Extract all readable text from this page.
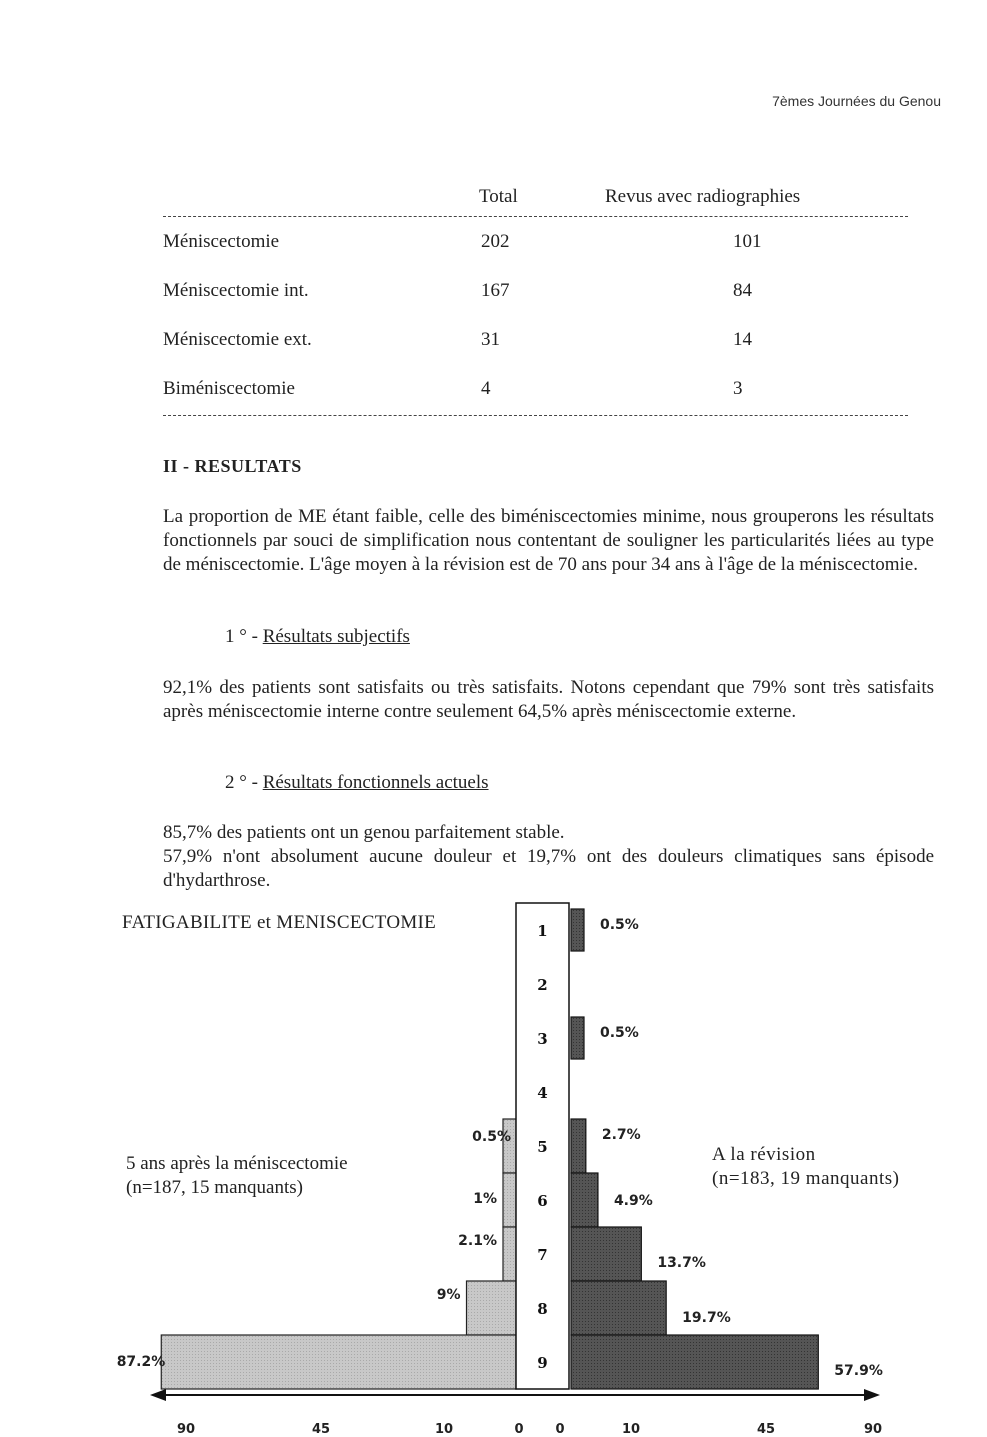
7èmes Journées du Genou
Total	Revus avec radiographies
Méniscectomie	202	101
Méniscectomie int.	167	84
Méniscectomie ext.	31	14
Biméniscectomie	4	3
II - RESULTATS
La proportion de ME étant faible, celle des biméniscectomies minime, nous grouperons les résultats fonctionnels par souci de simplification nous contentant de souligner les particularités liées au type de méniscectomie. L'âge moyen à la révision est de 70 ans pour 34 ans à l'âge de la méniscectomie.
1 ° - Résultats subjectifs
92,1% des patients sont satisfaits ou très satisfaits. Notons cependant que 79% sont très satisfaits après méniscectomie interne contre seulement 64,5% après méniscectomie externe.
2 ° - Résultats fonctionnels actuels
85,7% des patients ont un genou parfaitement stable.
57,9% n'ont absolument aucune douleur et 19,7% ont des douleurs climatiques sans épisode d'hydarthrose.
1
2
3
4
5
6
7
8
9
0.5%
0.5%
0.5%	2.7%
1%	4.9%
2.1%
13.7%
9%
19.7%
87.2%
57.9%
90	45	10	0 0	10	45	90
FATIGABILITE et MENISCECTOMIE
5 ans après la méniscectomie
(n=187, 15 manquants)
A la révision
(n=183, 19 manquants)
